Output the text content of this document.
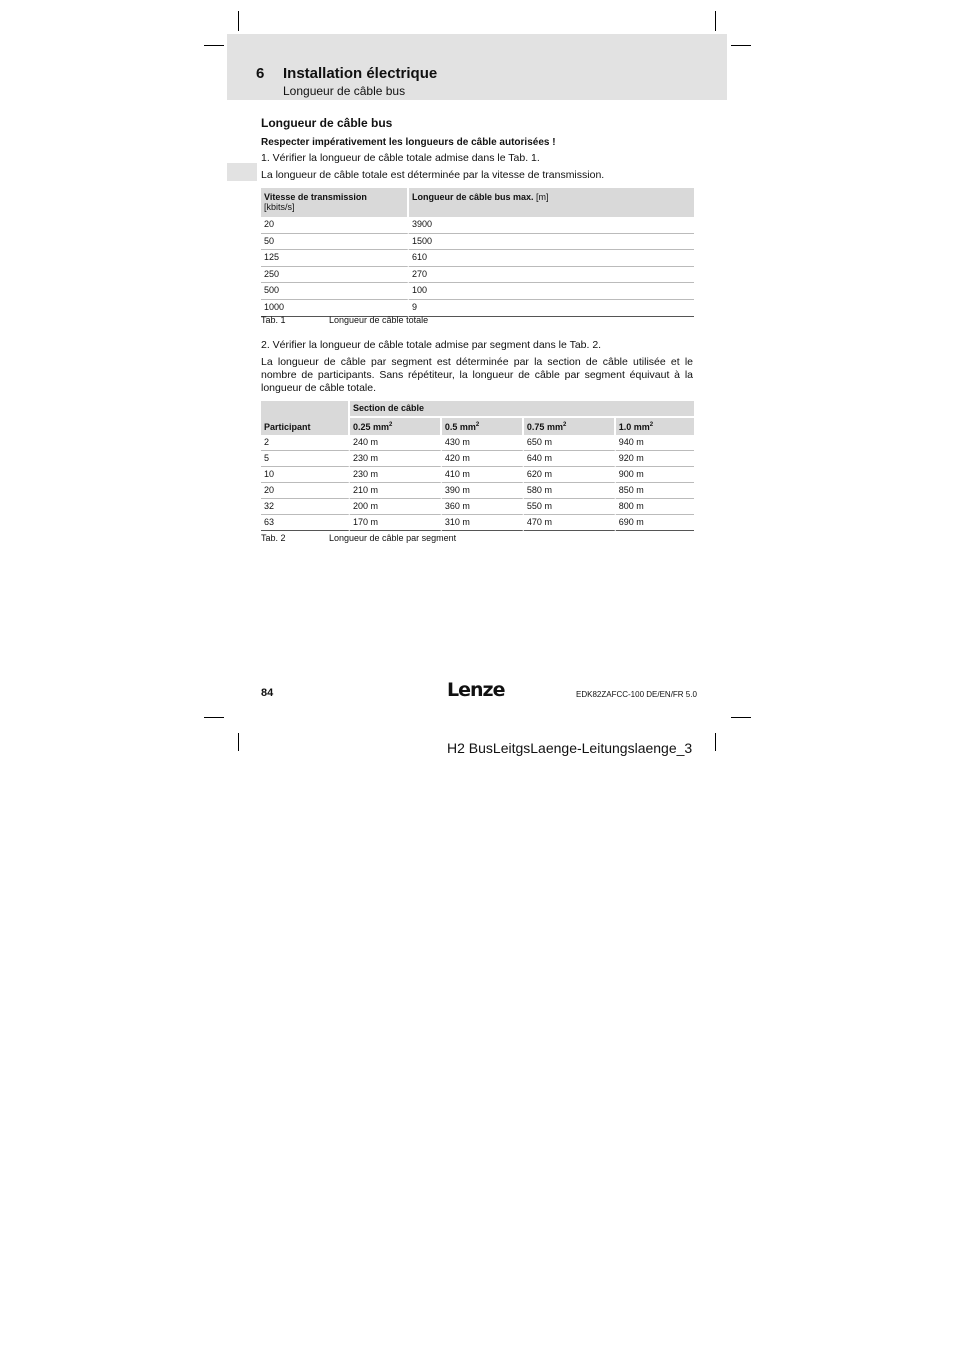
6 Installation électrique
Longueur de câble bus
Longueur de câble bus
Respecter impérativement les longueurs de câble autorisées !
1. Vérifier la longueur de câble totale admise dans le Tab. 1.
La longueur de câble totale est déterminée par la vitesse de transmission.
Vitesse de transmission
[kbits/s]	Longueur de câble bus max. [m]
20	3900
50	1500
125	610
250	270
500	100
1000	9
Tab. 1	Longueur de câble totale
2. Vérifier la longueur de câble totale admise par segment dans le Tab. 2.
La longueur de câble par segment est déterminée par la section de câble utilisée et le nombre de participants. Sans répétiteur, la longueur de câble par segment équivaut à la longueur de câble totale.
Participant	Section de câble			
	0.25 $mm^2$	0.5 $mm^2$	0.75 $mm^2$	1.0 $mm^2$
2	240 m	430 m	650 m	940 m
5	230 m	420 m	640 m	920 m
10	230 m	410 m	620 m	900 m
20	210 m	390 m	580 m	850 m
32	200 m	360 m	550 m	800 m
63	170 m	310 m	470 m	690 m
Tab. 2	Longueur de câble par segment
84	Lenze	EDK82ZAFCC-100 DE/EN/FR 5.0
H2 BusLeitgsLaenge-Leitungslaenge_3
